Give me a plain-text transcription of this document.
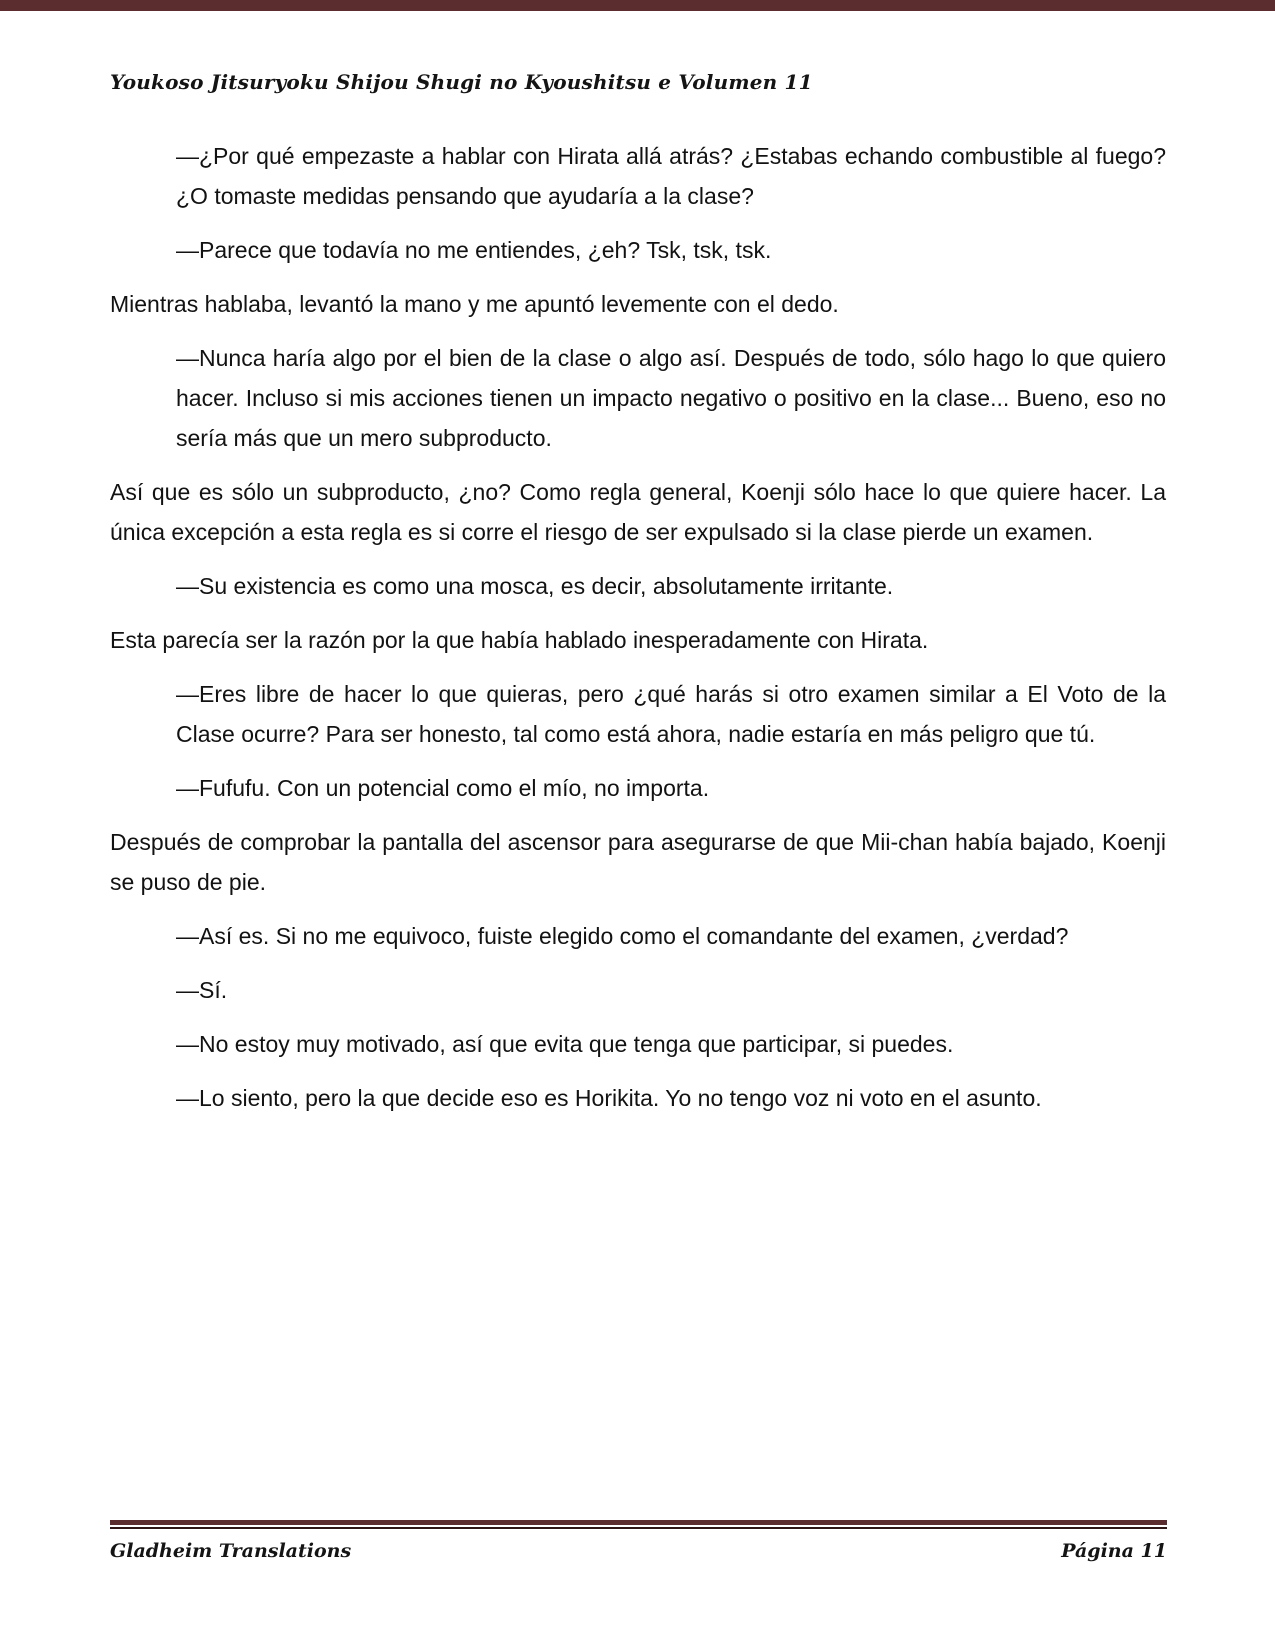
Youkoso Jitsuryoku Shijou Shugi no Kyoushitsu e Volumen 11

—¿Por qué empezaste a hablar con Hirata allá atrás? ¿Estabas echando combustible al fuego? ¿O tomaste medidas pensando que ayudaría a la clase?

—Parece que todavía no me entiendes, ¿eh? Tsk, tsk, tsk.

Mientras hablaba, levantó la mano y me apuntó levemente con el dedo.

—Nunca haría algo por el bien de la clase o algo así. Después de todo, sólo hago lo que quiero hacer. Incluso si mis acciones tienen un impacto negativo o positivo en la clase... Bueno, eso no sería más que un mero subproducto.

Así que es sólo un subproducto, ¿no? Como regla general, Koenji sólo hace lo que quiere hacer. La única excepción a esta regla es si corre el riesgo de ser expulsado si la clase pierde un examen.

—Su existencia es como una mosca, es decir, absolutamente irritante.

Esta parecía ser la razón por la que había hablado inesperadamente con Hirata.

—Eres libre de hacer lo que quieras, pero ¿qué harás si otro examen similar a El Voto de la Clase ocurre? Para ser honesto, tal como está ahora, nadie estaría en más peligro que tú.

—Fufufu. Con un potencial como el mío, no importa.

Después de comprobar la pantalla del ascensor para asegurarse de que Mii-chan había bajado, Koenji se puso de pie.

—Así es. Si no me equivoco, fuiste elegido como el comandante del examen, ¿verdad?

—Sí.

—No estoy muy motivado, así que evita que tenga que participar, si puedes.

—Lo siento, pero la que decide eso es Horikita. Yo no tengo voz ni voto en el asunto.

Gladheim Translations	Página 11
